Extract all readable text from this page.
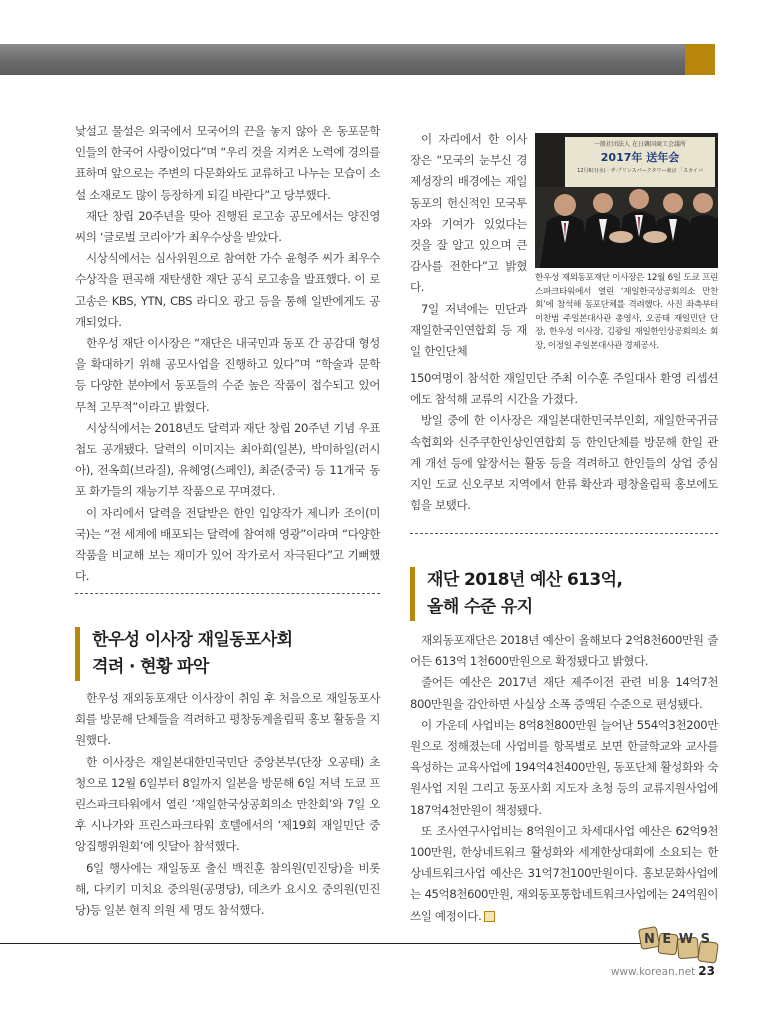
낯설고 물설은 외국에서 모국어의 끈을 놓지 않아 온 동포문학인들의 한국어 사랑이었다”며 “우리 것을 지켜온 노력에 경의를 표하며 앞으로는 주변의 다문화와도 교류하고 나누는 모습이 소설 소재로도 많이 등장하게 되길 바란다”고 당부했다.

재단 창립 20주년을 맞아 진행된 로고송 공모에서는 양진영 씨의 ‘글로벌 코리아’가 최우수상을 받았다.

시상식에서는 심사위원으로 참여한 가수 윤형주 씨가 최우수수상작을 편곡해 재탄생한 재단 공식 로고송을 발표했다. 이 로고송은 KBS, YTN, CBS 라디오 광고 등을 통해 일반에게도 공개되었다.

한우성 재단 이사장은 “재단은 내국민과 동포 간 공감대 형성을 확대하기 위해 공모사업을 진행하고 있다”며 “학술과 문학 등 다양한 분야에서 동포들의 수준 높은 작품이 접수되고 있어 무척 고무적”이라고 밝혔다.

시상식에서는 2018년도 달력과 재단 창립 20주년 기념 우표첩도 공개됐다. 달력의 이미지는 최아희(일본), 박미하일(러시아), 전옥희(브라질), 유혜영(스페인), 최준(중국) 등 11개국 동포 화가들의 재능기부 작품으로 꾸며졌다.

이 자리에서 달력을 전달받은 한인 입양작가 제니카 조이(미국)는 “전 세계에 배포되는 달력에 참여해 영광”이라며 “다양한 작품을 비교해 보는 재미가 있어 작가로서 자극된다”고 기뻐했다.

한우성 이사장 재일동포사회
격려 · 현황 파악

한우성 재외동포재단 이사장이 취임 후 처음으로 재일동포사회를 방문해 단체들을 격려하고 평창동계올림픽 홍보 활동을 지원했다.

한 이사장은 재일본대한민국민단 중앙본부(단장 오공태) 초청으로 12월 6일부터 8일까지 일본을 방문해 6일 저녁 도쿄 프린스파크타워에서 열린 ‘재일한국상공회의소 만찬회’와 7일 오후 시나가와 프린스파크타워 호텔에서의 ‘제19회 재일민단 중앙집행위원회’에 잇달아 참석했다.

6일 행사에는 재일동포 출신 백진훈 참의원(민진당)을 비롯해, 다키키 미치요 중의원(공명당), 데츠카 요시오 중의원(민진당)등 일본 현직 의원 세 명도 참석했다.

이 자리에서 한 이사장은 “모국의 눈부신 경제성장의 배경에는 재일동포의 헌신적인 모국투자와 기여가 있었다는 것을 잘 알고 있으며 큰 감사를 전한다”고 밝혔다.

7일 저녁에는 민단과 재일한국인연합회 등 재일 한인단체

一般社団法人 在日韓国商工会議所
2017年 送年会
12月6日(水) · ザ·プリンスパークタワー東京 「スカイバ
한우성 재외동포재단 이사장은 12월 6일 도쿄 프린스파크타워에서 열린 ‘재일한국상공회의소 만찬회’에 참석해 동포단체를 격려했다. 사진 좌측부터 이찬범 주일본대사관 총영사, 오공태 재일민단 단장, 한우성 이사장, 김광일 재일한인상공회의소 회장, 이정일 주일본대사관 경제공사.

150여명이 참석한 재일민단 주최 이수훈 주일대사 환영 리셉션에도 참석해 교류의 시간을 가졌다.

방일 중에 한 이사장은 재일본대한민국부인회, 재일한국귀금속협회와 신주쿠한인상인연합회 등 한인단체를 방문해 한일 관계 개선 등에 앞장서는 활동 등을 격려하고 한인들의 상업 중심지인 도쿄 신오쿠보 지역에서 한류 확산과 평창올림픽 홍보에도 힘을 보탰다.

재단 2018년 예산 613억,
올해 수준 유지

재외동포재단은 2018년 예산이 올해보다 2억8천600만원 줄어든 613억 1천600만원으로 확정됐다고 밝혔다.

줄어든 예산은 2017년 재단 제주이전 관련 비용 14억7천800만원을 감안하면 사실상 소폭 증액된 수준으로 편성됐다.

이 가운데 사업비는 8억8천800만원 늘어난 554억3천200만원으로 정해졌는데 사업비를 항목별로 보면 한글학교와 교사를 육성하는 교육사업에 194억4천400만원, 동포단체 활성화와 숙원사업 지원 그리고 동포사회 지도자 초청 등의 교류지원사업에 187억4천만원이 책정됐다.

또 조사연구사업비는 8억원이고 차세대사업 예산은 62억9천100만원, 한상네트워크 활성화와 세계한상대회에 소요되는 한상네트워크사업 예산은 31억7천100만원이다. 홍보문화사업에는 45억8천600만원, 재외동포통합네트워크사업에는 24억원이 쓰일 예정이다.

NEWS
www.korean.net 23
